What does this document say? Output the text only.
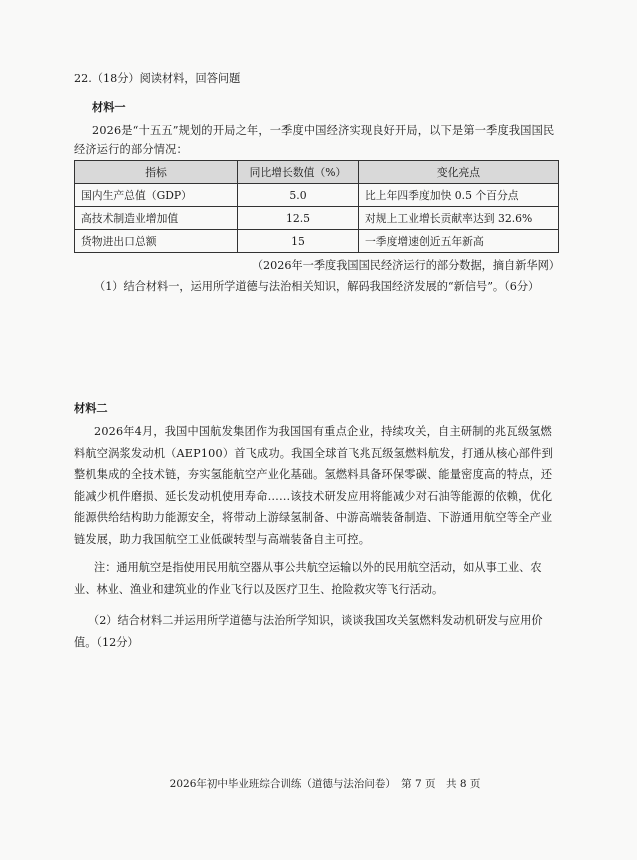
22.（18分）阅读材料，回答问题
材料一
2026是“十五五”规划的开局之年，一季度中国经济实现良好开局，以下是第一季度我国国民经济运行的部分情况：
指标	同比增长数值（%）	变化亮点
国内生产总值（GDP）	5.0	比上年四季度加快 0.5 个百分点
高技术制造业增加值	12.5	对规上工业增长贡献率达到 32.6%
货物进出口总额	15	一季度增速创近五年新高
（2026年一季度我国国民经济运行的部分数据，摘自新华网）
（1）结合材料一，运用所学道德与法治相关知识，解码我国经济发展的“新信号”。（6分）
材料二
2026年4月，我国中国航发集团作为我国国有重点企业，持续攻关，自主研制的兆瓦级氢燃料航空涡浆发动机（AEP100）首飞成功。我国全球首飞兆瓦级氢燃料航发，打通从核心部件到整机集成的全技术链，夯实氢能航空产业化基础。氢燃料具备环保零碳、能量密度高的特点，还能减少机件磨损、延长发动机使用寿命……该技术研发应用将能减少对石油等能源的依赖，优化能源供给结构助力能源安全，将带动上游绿氢制备、中游高端装备制造、下游通用航空等全产业链发展，助力我国航空工业低碳转型与高端装备自主可控。
注：通用航空是指使用民用航空器从事公共航空运输以外的民用航空活动，如从事工业、农业、林业、渔业和建筑业的作业飞行以及医疗卫生、抢险救灾等飞行活动。
（2）结合材料二并运用所学道德与法治所学知识，谈谈我国攻关氢燃料发动机研发与应用价值。（12分）
2026年初中毕业班综合训练（道德与法治问卷）　第 7 页　共 8 页
